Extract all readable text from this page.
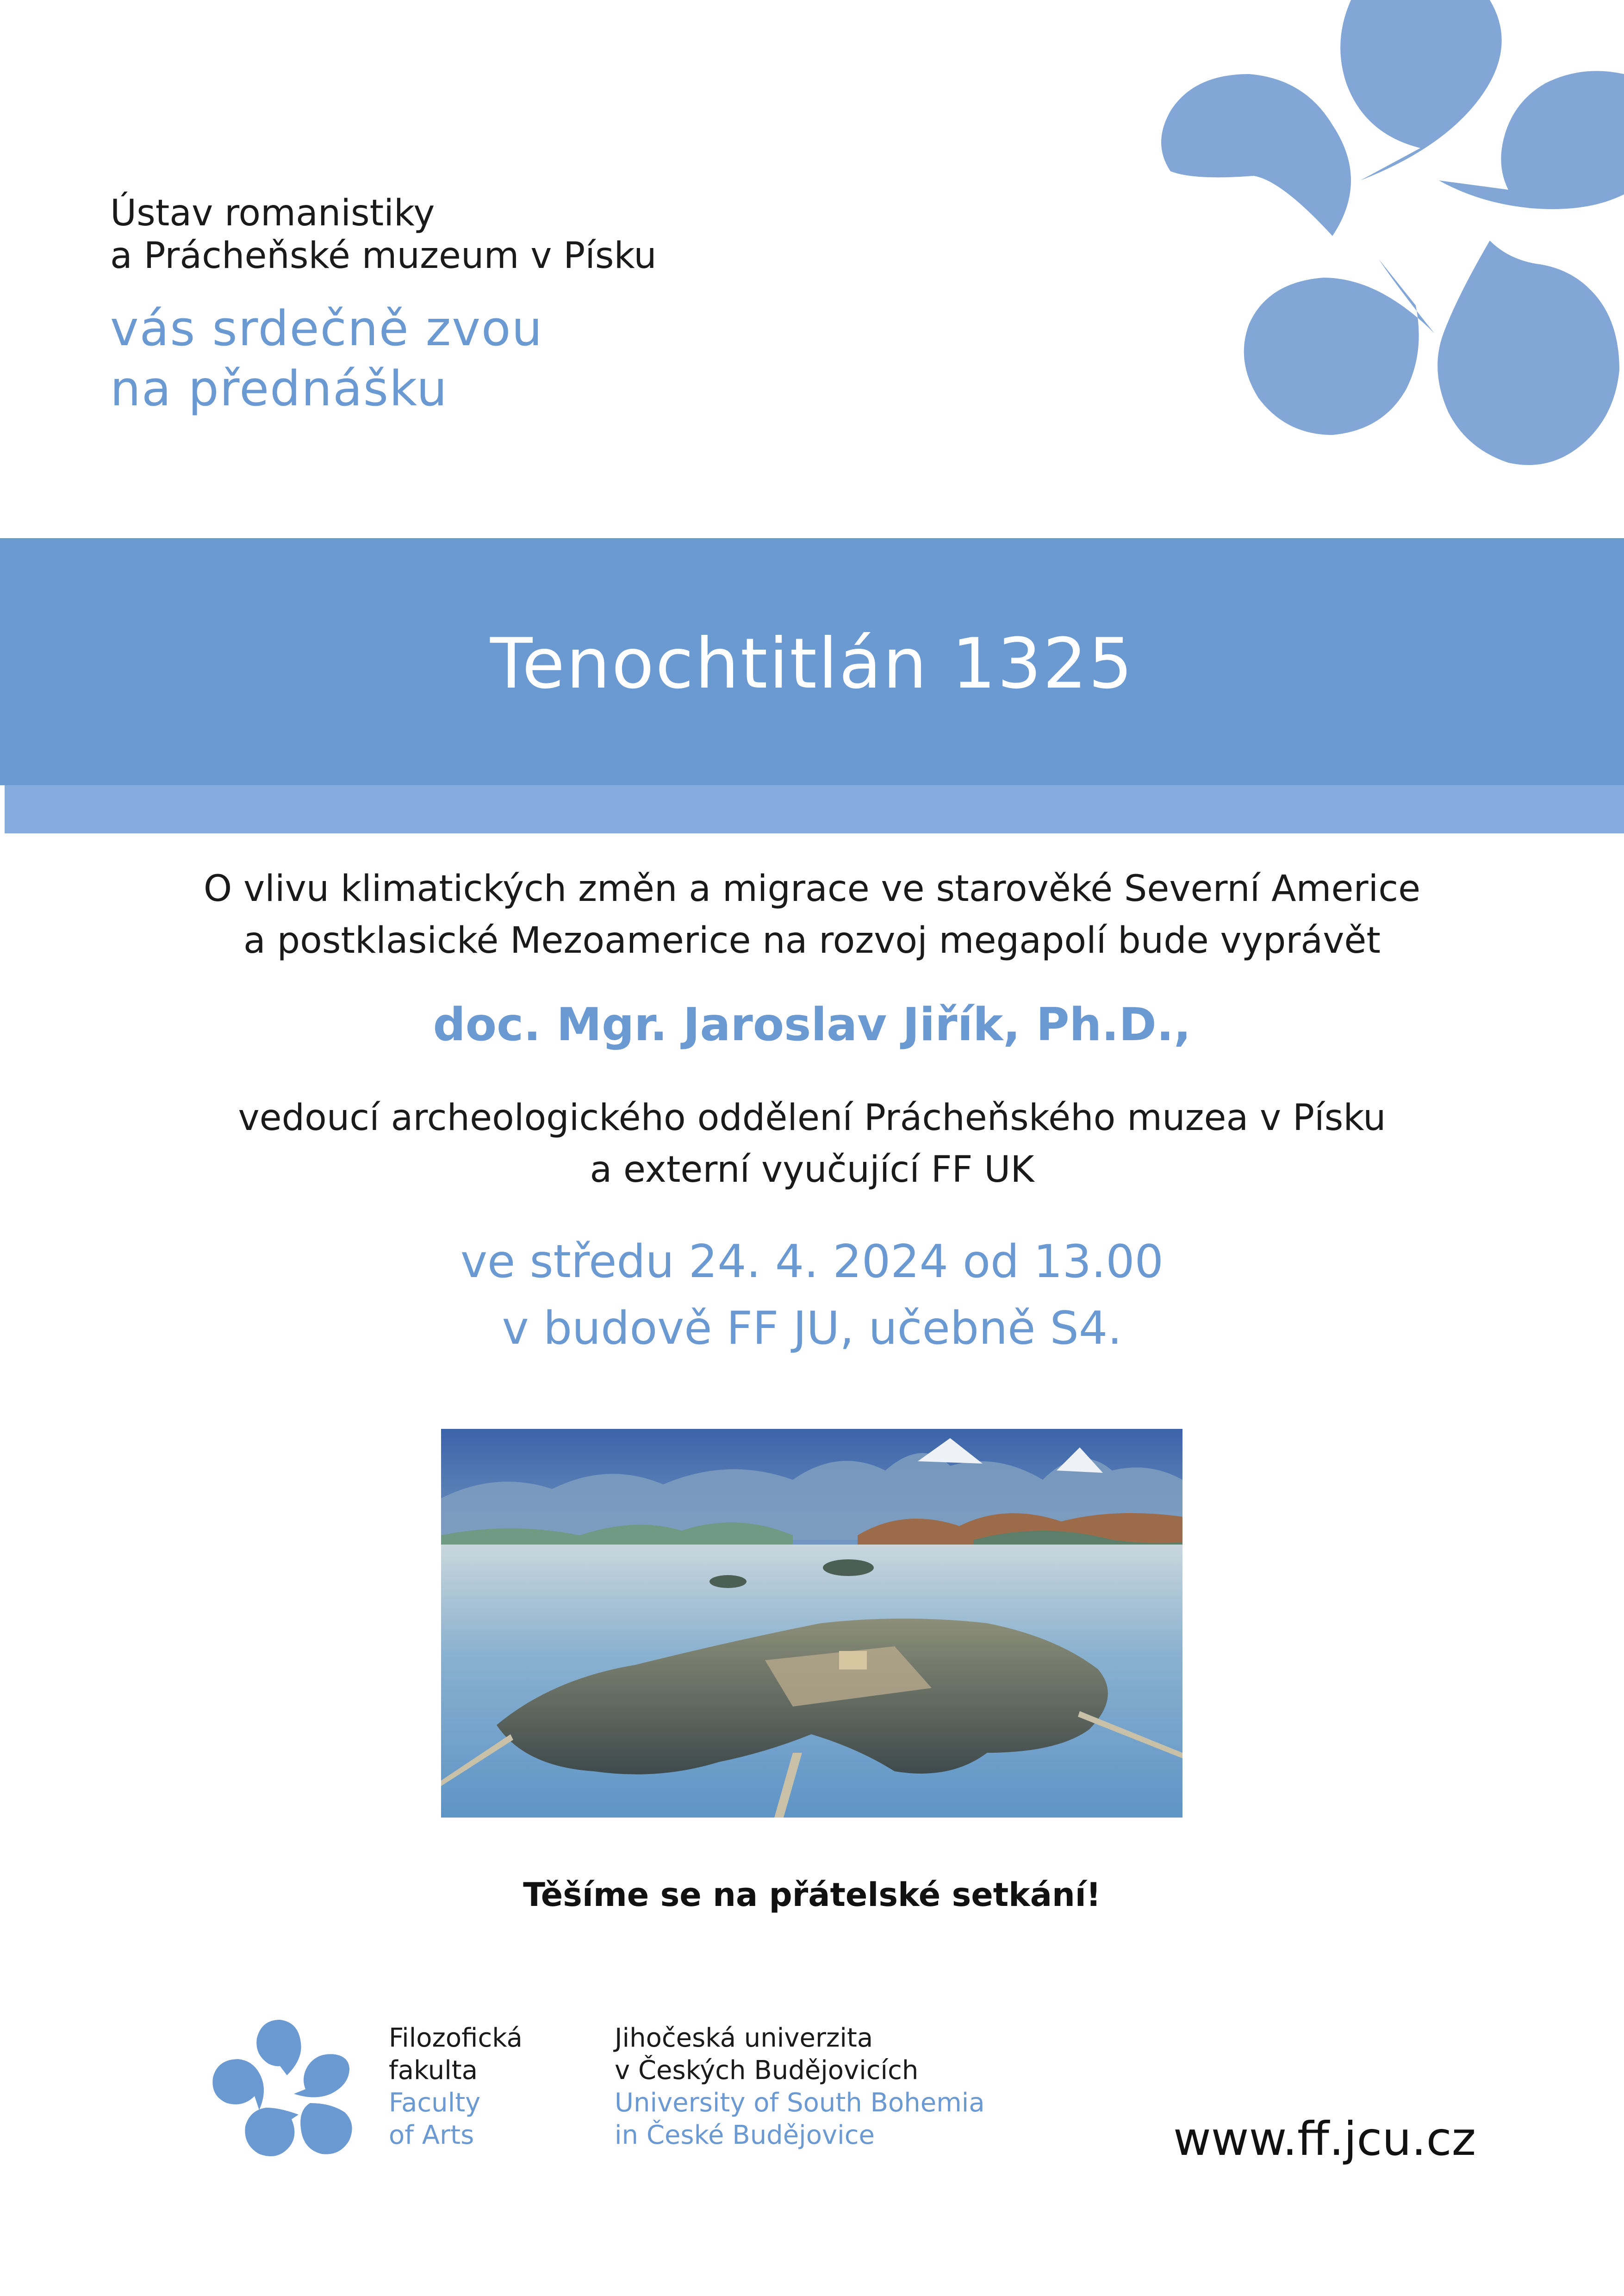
Ústav romanistiky
a Prácheňské muzeum v Písku
vás srdečně zvou
na přednášku
Tenochtitlán 1325
O vlivu klimatických změn a migrace ve starověké Severní Americe
a postklasické Mezoamerice na rozvoj megapolí bude vyprávět
doc. Mgr. Jaroslav Jiřík, Ph.D.,
vedoucí archeologického oddělení Prácheňského muzea v Písku
a externí vyučující FF UK
ve středu 24. 4. 2024 od 13.00
v budově FF JU, učebně S4.
Těšíme se na přátelské setkání!
Filozofická
fakulta
Faculty
of Arts
Jihočeská univerzita
v Českých Budějovicích
University of South Bohemia
in České Budějovice	www.ff.jcu.cz
